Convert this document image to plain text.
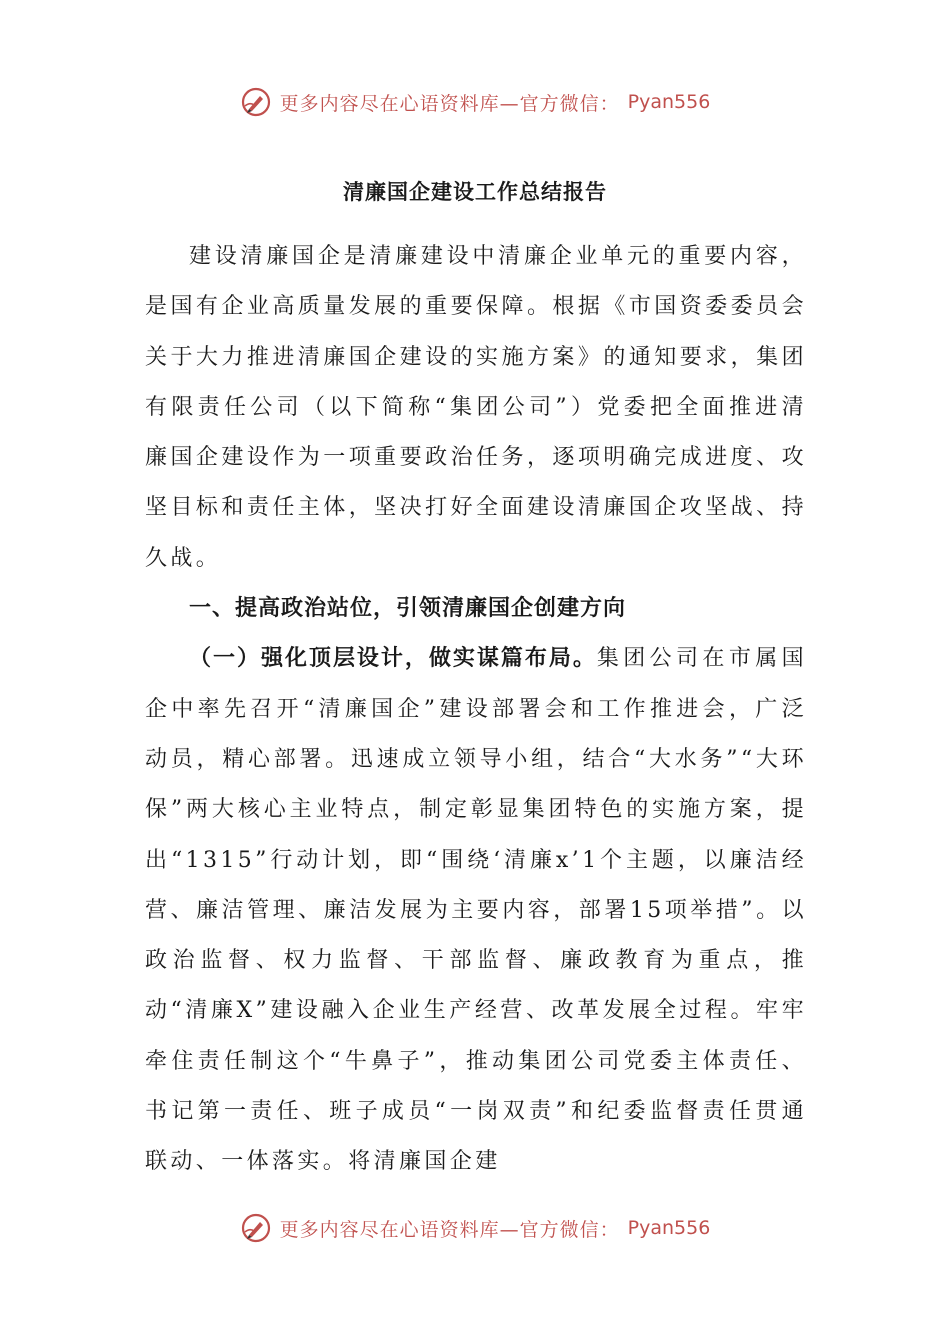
更多内容尽在心语资料库—官方微信： Pyan556
清廉国企建设工作总结报告

建设清廉国企是清廉建设中清廉企业单元的重要内容，是国有企业高质量发展的重要保障。根据《市国资委委员会关于大力推进清廉国企建设的实施方案》的通知要求，集团有限责任公司（以下简称“集团公司”）党委把全面推进清廉国企建设作为一项重要政治任务，逐项明确完成进度、攻坚目标和责任主体，坚决打好全面建设清廉国企攻坚战、持久战。

一、提高政治站位，引领清廉国企创建方向

（一）强化顶层设计，做实谋篇布局。集团公司在市属国企中率先召开“清廉国企”建设部署会和工作推进会，广泛动员，精心部署。迅速成立领导小组，结合“大水务”“大环保”两大核心主业特点，制定彰显集团特色的实施方案，提出“1315”行动计划，即“围绕‘清廉x’1个主题，以廉洁经营、廉洁管理、廉洁发展为主要内容，部署15项举措”。以政治监督、权力监督、干部监督、廉政教育为重点，推动“清廉X”建设融入企业生产经营、改革发展全过程。牢牢牵住责任制这个“牛鼻子”，推动集团公司党委主体责任、书记第一责任、班子成员“一岗双责”和纪委监督责任贯通联动、一体落实。将清廉国企建

更多内容尽在心语资料库—官方微信： Pyan556
